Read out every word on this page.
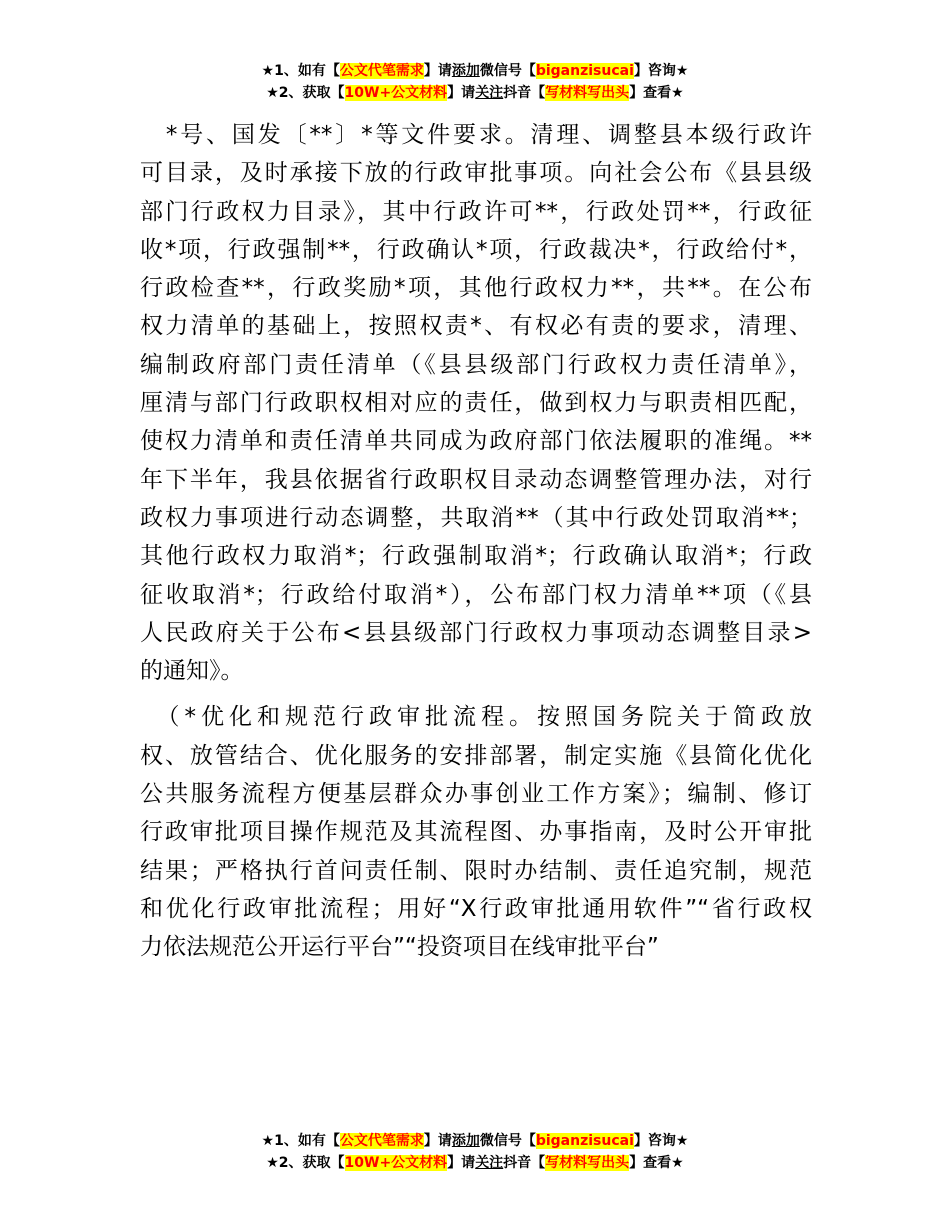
★1、如有【公文代笔需求】请添加微信号【biganzisucai】咨询★
★2、获取【10W+公文材料】请关注抖音【写材料写出头】查看★
　*号、国发〔**〕*等文件要求。清理、调整县本级行政许
可目录，及时承接下放的行政审批事项。向社会公布《县县级
部门行政权力目录》，其中行政许可**，行政处罚**，行政征
收*项，行政强制**，行政确认*项，行政裁决*，行政给付*，
行政检查**，行政奖励*项，其他行政权力**，共**。在公布
权力清单的基础上，按照权责*、有权必有责的要求，清理、
编制政府部门责任清单（《县县级部门行政权力责任清单》，
厘清与部门行政职权相对应的责任，做到权力与职责相匹配，
使权力清单和责任清单共同成为政府部门依法履职的准绳。**
年下半年，我县依据省行政职权目录动态调整管理办法，对行
政权力事项进行动态调整，共取消**（其中行政处罚取消**；
其他行政权力取消*；行政强制取消*；行政确认取消*；行政
征收取消*；行政给付取消*），公布部门权力清单**项（《县
人民政府关于公布<县县级部门行政权力事项动态调整目录>
的通知》。
　（*优化和规范行政审批流程。按照国务院关于简政放
权、放管结合、优化服务的安排部署，制定实施《县简化优化
公共服务流程方便基层群众办事创业工作方案》；编制、修订
行政审批项目操作规范及其流程图、办事指南，及时公开审批
结果；严格执行首问责任制、限时办结制、责任追究制，规范
和优化行政审批流程；用好“X行政审批通用软件”“省行政权
力依法规范公开运行平台”“投资项目在线审批平台”
★1、如有【公文代笔需求】请添加微信号【biganzisucai】咨询★
★2、获取【10W+公文材料】请关注抖音【写材料写出头】查看★
